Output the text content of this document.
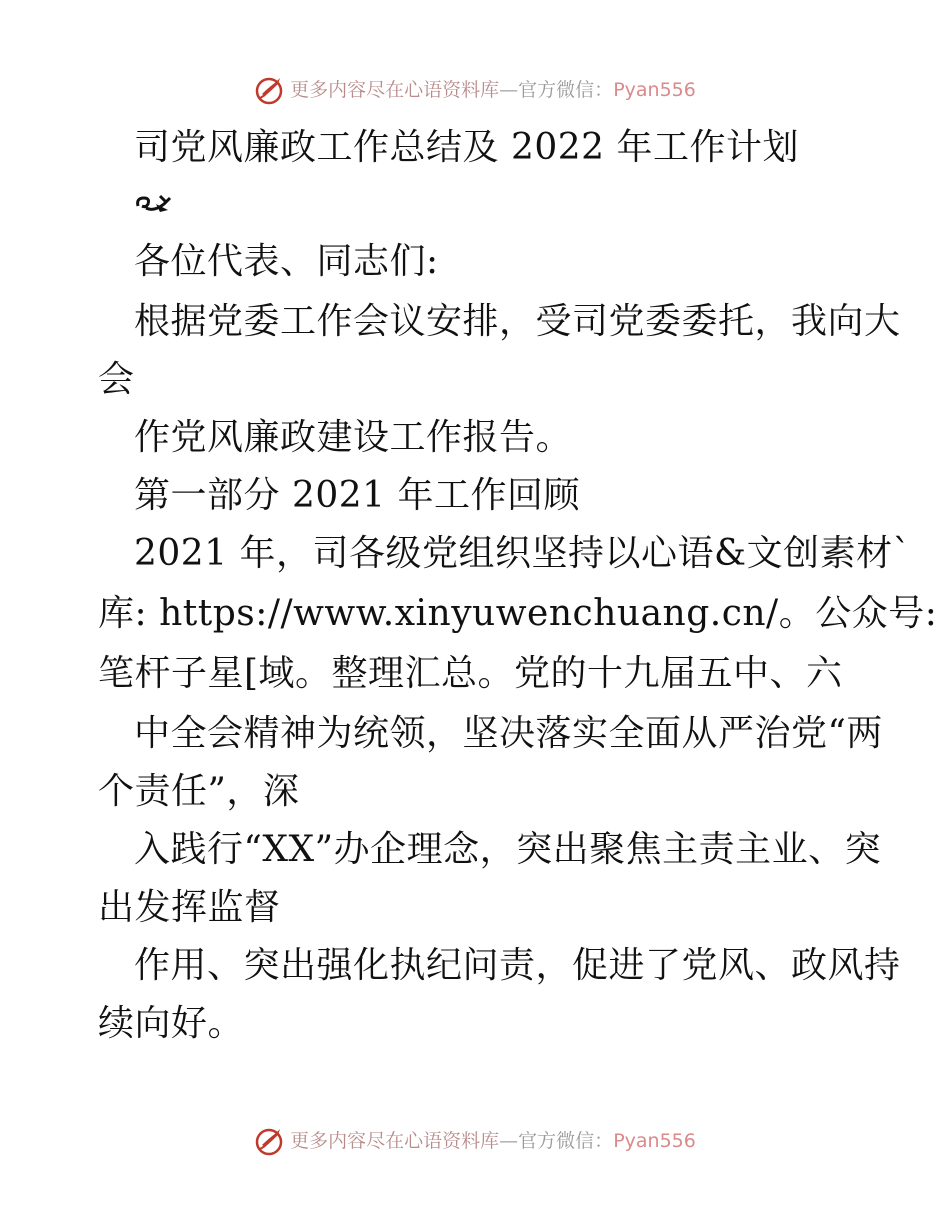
更多内容尽在心语资料库 — 官方微信： Pyan556
司党风廉政工作总结及 2022 年工作计划
各位代表、同志们:
根据党委工作会议安排，受司党委委托，我向大
会
作党风廉政建设工作报告。
第一部分 2021 年工作回顾
2021 年，司各级党组织坚持以心语&文创素材`
库: https://www.xinyuwenchuang.cn/。公众号:
笔杆子星[域。整理汇总。党的十九届五中、六
中全会精神为统领，坚决落实全面从严治党“两
个责任”，深
入践行“XX”办企理念，突出聚焦主责主业、突
出发挥监督
作用、突出强化执纪问责，促进了党风、政风持
续向好。
更多内容尽在心语资料库 — 官方微信： Pyan556
